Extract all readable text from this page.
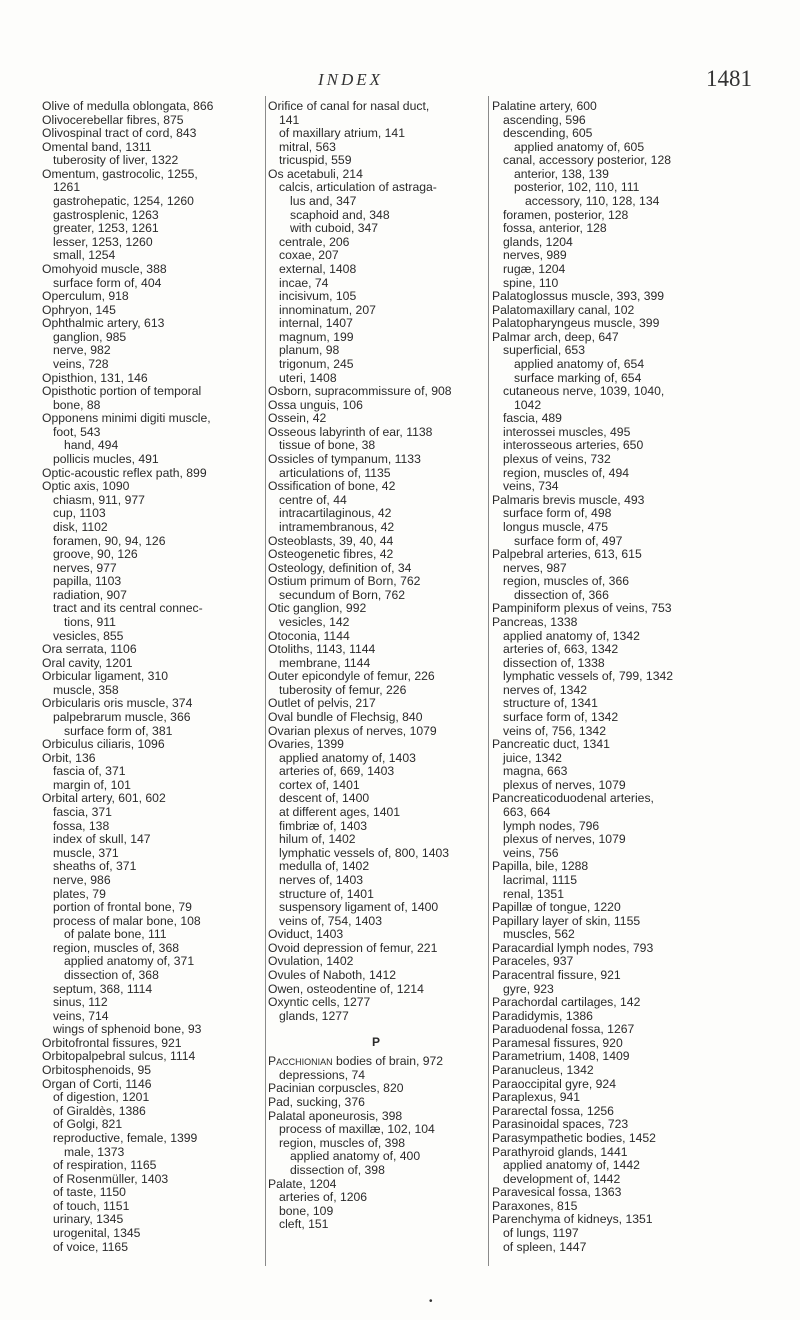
INDEX	1481
Olive of medulla oblongata, 866
Olivocerebellar fibres, 875
Olivospinal tract of cord, 843
Omental band, 1311
tuberosity of liver, 1322
Omentum, gastrocolic, 1255,
1261
gastrohepatic, 1254, 1260
gastrosplenic, 1263
greater, 1253, 1261
lesser, 1253, 1260
small, 1254
Omohyoid muscle, 388
surface form of, 404
Operculum, 918
Ophryon, 145
Ophthalmic artery, 613
ganglion, 985
nerve, 982
veins, 728
Opisthion, 131, 146
Opisthotic portion of temporal
bone, 88
Opponens minimi digiti muscle,
foot, 543
hand, 494
pollicis mucles, 491
Optic-acoustic reflex path, 899
Optic axis, 1090
chiasm, 911, 977
cup, 1103
disk, 1102
foramen, 90, 94, 126
groove, 90, 126
nerves, 977
papilla, 1103
radiation, 907
tract and its central connec-
tions, 911
vesicles, 855
Ora serrata, 1106
Oral cavity, 1201
Orbicular ligament, 310
muscle, 358
Orbicularis oris muscle, 374
palpebrarum muscle, 366
surface form of, 381
Orbiculus ciliaris, 1096
Orbit, 136
fascia of, 371
margin of, 101
Orbital artery, 601, 602
fascia, 371
fossa, 138
index of skull, 147
muscle, 371
sheaths of, 371
nerve, 986
plates, 79
portion of frontal bone, 79
process of malar bone, 108
of palate bone, 111
region, muscles of, 368
applied anatomy of, 371
dissection of, 368
septum, 368, 1114
sinus, 112
veins, 714
wings of sphenoid bone, 93
Orbitofrontal fissures, 921
Orbitopalpebral sulcus, 1114
Orbitosphenoids, 95
Organ of Corti, 1146
of digestion, 1201
of Giraldès, 1386
of Golgi, 821
reproductive, female, 1399
male, 1373
of respiration, 1165
of Rosenmüller, 1403
of taste, 1150
of touch, 1151
urinary, 1345
urogenital, 1345
of voice, 1165
Orifice of canal for nasal duct,
141
of maxillary atrium, 141
mitral, 563
tricuspid, 559
Os acetabuli, 214
calcis, articulation of astraga-
lus and, 347
scaphoid and, 348
with cuboid, 347
centrale, 206
coxae, 207
external, 1408
incae, 74
incisivum, 105
innominatum, 207
internal, 1407
magnum, 199
planum, 98
trigonum, 245
uteri, 1408
Osborn, supracommissure of, 908
Ossa unguis, 106
Ossein, 42
Osseous labyrinth of ear, 1138
tissue of bone, 38
Ossicles of tympanum, 1133
articulations of, 1135
Ossification of bone, 42
centre of, 44
intracartilaginous, 42
intramembranous, 42
Osteoblasts, 39, 40, 44
Osteogenetic fibres, 42
Osteology, definition of, 34
Ostium primum of Born, 762
secundum of Born, 762
Otic ganglion, 992
vesicles, 142
Otoconia, 1144
Otoliths, 1143, 1144
membrane, 1144
Outer epicondyle of femur, 226
tuberosity of femur, 226
Outlet of pelvis, 217
Oval bundle of Flechsig, 840
Ovarian plexus of nerves, 1079
Ovaries, 1399
applied anatomy of, 1403
arteries of, 669, 1403
cortex of, 1401
descent of, 1400
at different ages, 1401
fimbriæ of, 1403
hilum of, 1402
lymphatic vessels of, 800, 1403
medulla of, 1402
nerves of, 1403
structure of, 1401
suspensory ligament of, 1400
veins of, 754, 1403
Oviduct, 1403
Ovoid depression of femur, 221
Ovulation, 1402
Ovules of Naboth, 1412
Owen, osteodentine of, 1214
Oxyntic cells, 1277
glands, 1277
P
Pacchionian bodies of brain, 972
depressions, 74
Pacinian corpuscles, 820
Pad, sucking, 376
Palatal aponeurosis, 398
process of maxillæ, 102, 104
region, muscles of, 398
applied anatomy of, 400
dissection of, 398
Palate, 1204
arteries of, 1206
bone, 109
cleft, 151
Palatine artery, 600
ascending, 596
descending, 605
applied anatomy of, 605
canal, accessory posterior, 128
anterior, 138, 139
posterior, 102, 110, 111
accessory, 110, 128, 134
foramen, posterior, 128
fossa, anterior, 128
glands, 1204
nerves, 989
rugæ, 1204
spine, 110
Palatoglossus muscle, 393, 399
Palatomaxillary canal, 102
Palatopharyngeus muscle, 399
Palmar arch, deep, 647
superficial, 653
applied anatomy of, 654
surface marking of, 654
cutaneous nerve, 1039, 1040,
1042
fascia, 489
interossei muscles, 495
interosseous arteries, 650
plexus of veins, 732
region, muscles of, 494
veins, 734
Palmaris brevis muscle, 493
surface form of, 498
longus muscle, 475
surface form of, 497
Palpebral arteries, 613, 615
nerves, 987
region, muscles of, 366
dissection of, 366
Pampiniform plexus of veins, 753
Pancreas, 1338
applied anatomy of, 1342
arteries of, 663, 1342
dissection of, 1338
lymphatic vessels of, 799, 1342
nerves of, 1342
structure of, 1341
surface form of, 1342
veins of, 756, 1342
Pancreatic duct, 1341
juice, 1342
magna, 663
plexus of nerves, 1079
Pancreaticoduodenal arteries,
663, 664
lymph nodes, 796
plexus of nerves, 1079
veins, 756
Papilla, bile, 1288
lacrimal, 1115
renal, 1351
Papillæ of tongue, 1220
Papillary layer of skin, 1155
muscles, 562
Paracardial lymph nodes, 793
Paraceles, 937
Paracentral fissure, 921
gyre, 923
Parachordal cartilages, 142
Paradidymis, 1386
Paraduodenal fossa, 1267
Paramesal fissures, 920
Parametrium, 1408, 1409
Paranucleus, 1342
Paraoccipital gyre, 924
Paraplexus, 941
Pararectal fossa, 1256
Parasinoidal spaces, 723
Parasympathetic bodies, 1452
Parathyroid glands, 1441
applied anatomy of, 1442
development of, 1442
Paravesical fossa, 1363
Paraxones, 815
Parenchyma of kidneys, 1351
of lungs, 1197
of spleen, 1447
•
